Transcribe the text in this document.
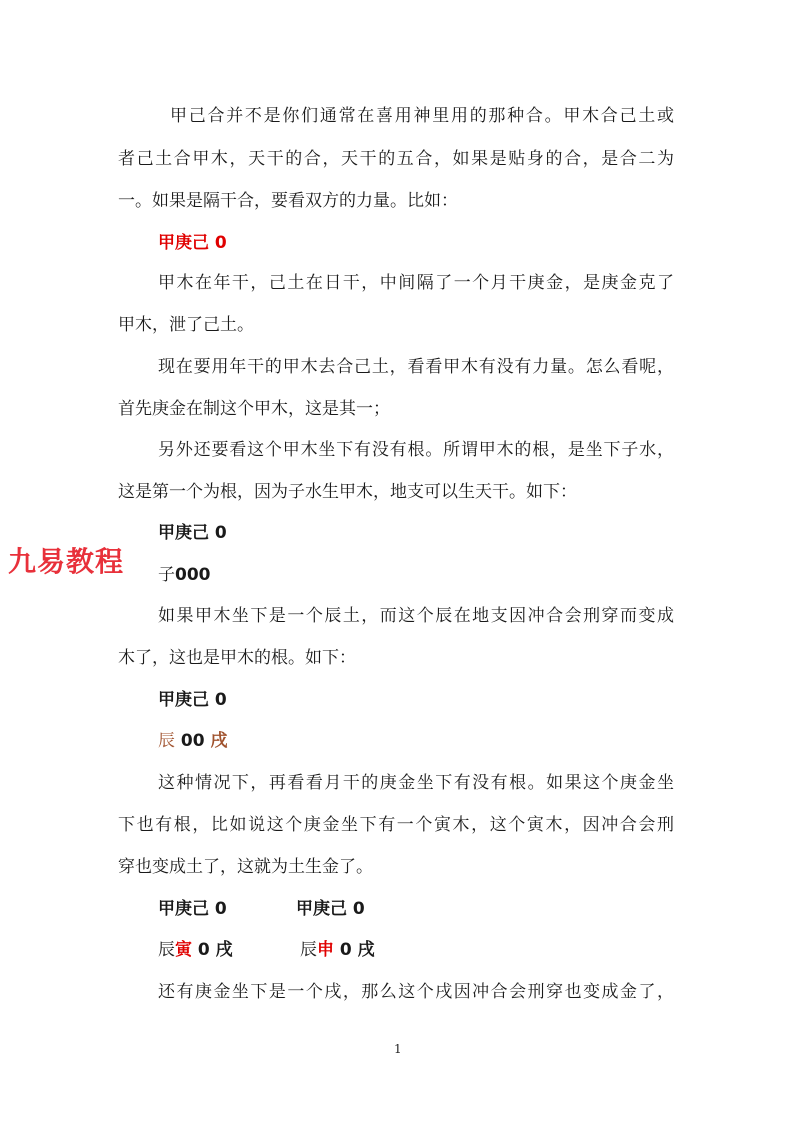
甲己合并不是你们通常在喜用神里用的那种合。甲木合己土或
者己土合甲木，天干的合，天干的五合，如果是贴身的合，是合二为
一。如果是隔干合，要看双方的力量。比如：
甲庚己 0
甲木在年干，己土在日干，中间隔了一个月干庚金，是庚金克了
甲木，泄了己土。
现在要用年干的甲木去合己土，看看甲木有没有力量。怎么看呢，
首先庚金在制这个甲木，这是其一；
另外还要看这个甲木坐下有没有根。所谓甲木的根，是坐下子水，
这是第一个为根，因为子水生甲木，地支可以生天干。如下：
甲庚己 0
子000
九易教程
如果甲木坐下是一个辰土，而这个辰在地支因冲合会刑穿而变成
木了，这也是甲木的根。如下：
甲庚己 0
辰 00 戌
这种情况下，再看看月干的庚金坐下有没有根。如果这个庚金坐
下也有根，比如说这个庚金坐下有一个寅木，这个寅木，因冲合会刑
穿也变成土了，这就为土生金了。
甲庚己 0	甲庚己 0
辰寅 0 戌	辰申 0 戌
还有庚金坐下是一个戌，那么这个戌因冲合会刑穿也变成金了，
1
